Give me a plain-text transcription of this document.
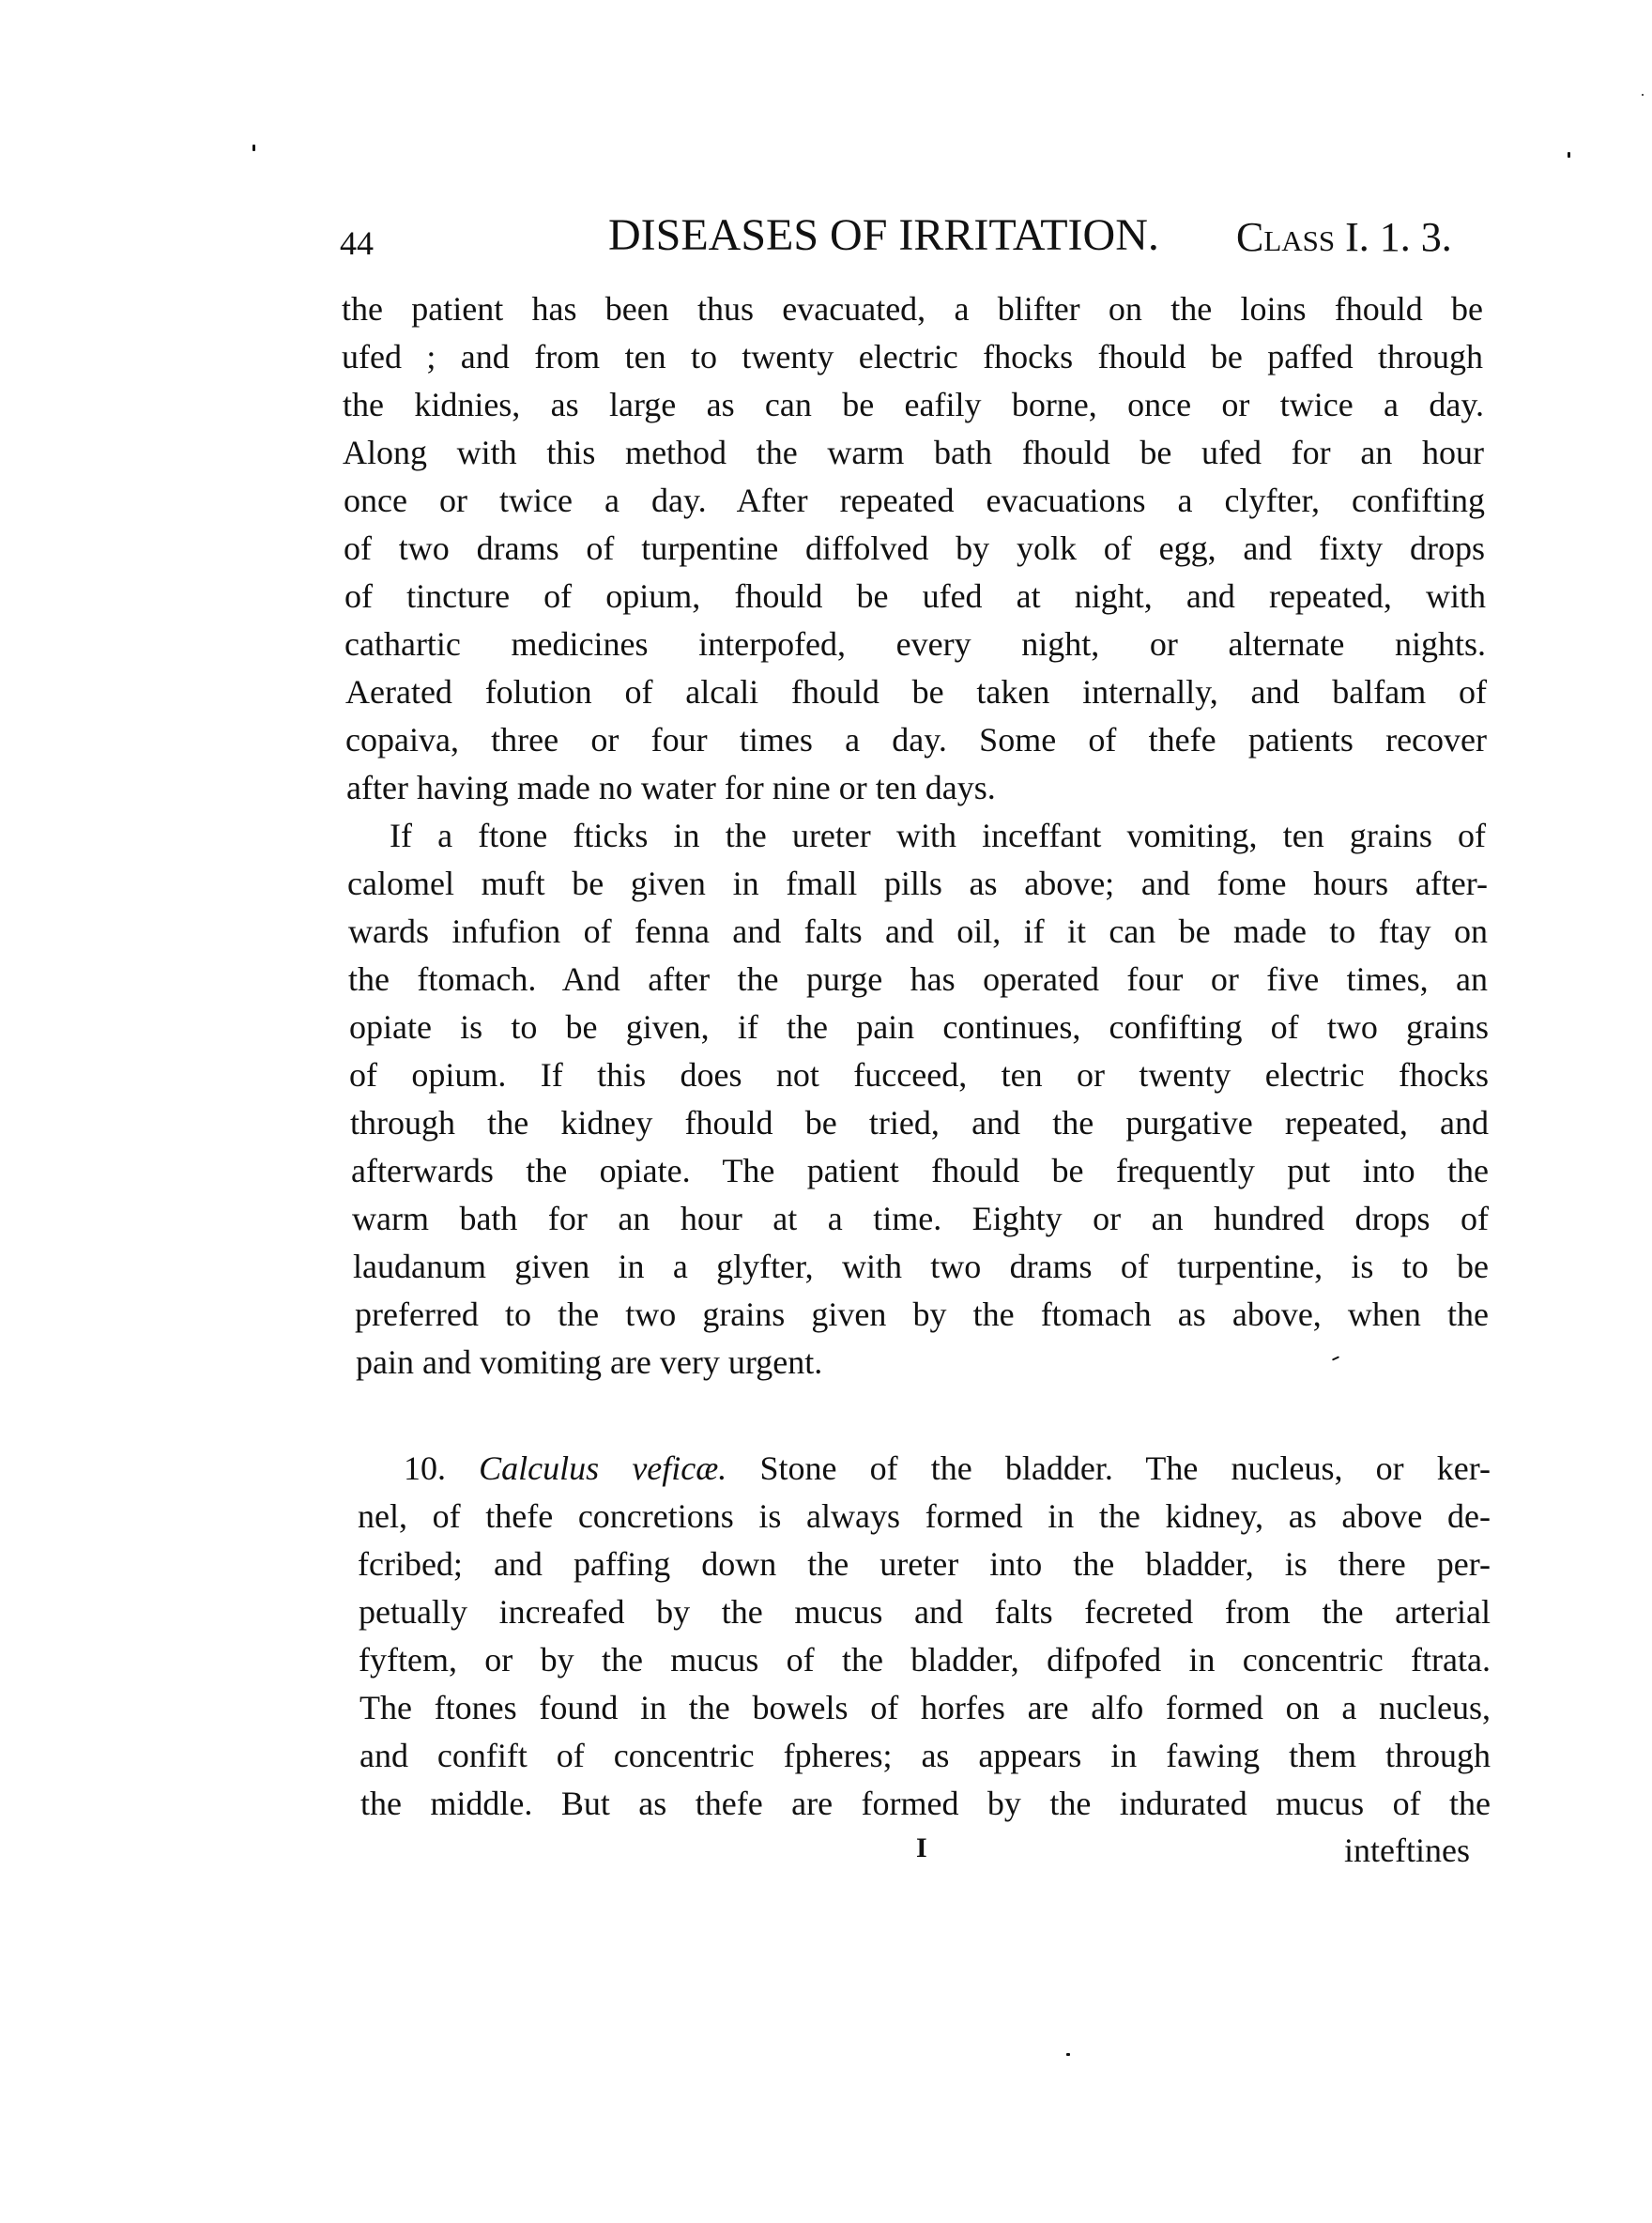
44	DISEASES OF IRRITATION. Class I. 1. 3.
the patient has been thus evacuated, a blifter on the loins fhould be
ufed ; and from ten to twenty electric fhocks fhould be paffed through
the kidnies, as large as can be eafily borne, once or twice a day.
Along with this method the warm bath fhould be ufed for an hour
once or twice a day. After repeated evacuations a clyfter, confifting
of two drams of turpentine diffolved by yolk of egg, and fixty drops
of tincture of opium, fhould be ufed at night, and repeated, with
cathartic medicines interpofed, every night, or alternate nights.
Aerated folution of alcali fhould be taken internally, and balfam of
copaiva, three or four times a day. Some of thefe patients recover
after having made no water for nine or ten days.
If a ftone fticks in the ureter with inceffant vomiting, ten grains of
calomel muft be given in fmall pills as above; and fome hours after-
wards infufion of fenna and falts and oil, if it can be made to ftay on
the ftomach. And after the purge has operated four or five times, an
opiate is to be given, if the pain continues, confifting of two grains
of opium. If this does not fucceed, ten or twenty electric fhocks
through the kidney fhould be tried, and the purgative repeated, and
afterwards the opiate. The patient fhould be frequently put into the
warm bath for an hour at a time. Eighty or an hundred drops of
laudanum given in a glyfter, with two drams of turpentine, is to be
preferred to the two grains given by the ftomach as above, when the
pain and vomiting are very urgent.
10. Calculus veficæ. Stone of the bladder. The nucleus, or ker-
nel, of thefe concretions is always formed in the kidney, as above de-
fcribed; and paffing down the ureter into the bladder, is there per-
petually increafed by the mucus and falts fecreted from the arterial
fyftem, or by the mucus of the bladder, difpofed in concentric ftrata.
The ftones found in the bowels of horfes are alfo formed on a nucleus,
and confift of concentric fpheres; as appears in fawing them through
the middle. But as thefe are formed by the indurated mucus of the
I	inteftines
